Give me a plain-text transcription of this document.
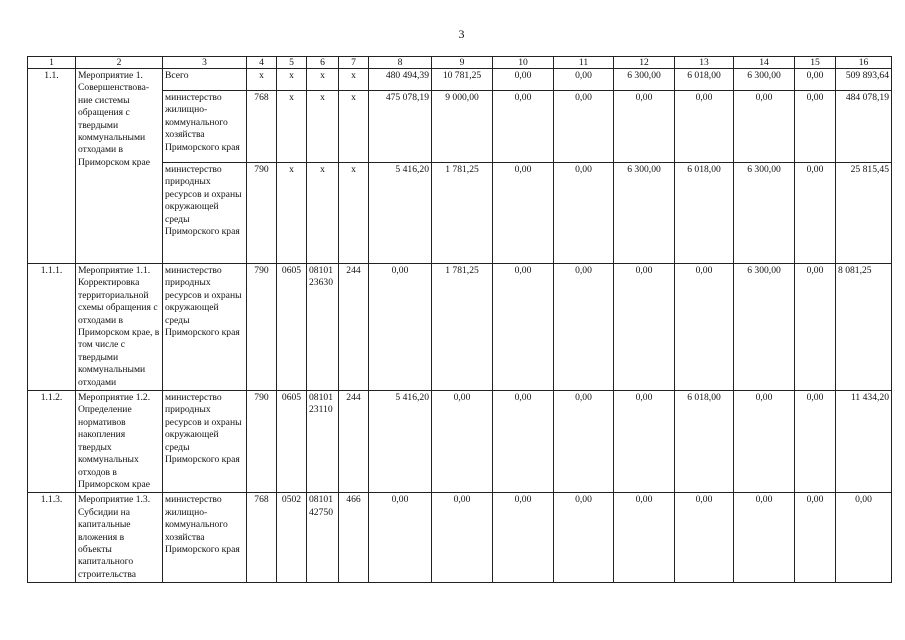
3
1	2	3	4	5	6	7	8	9	10	11	12	13	14	15	16
1.1.	Мероприятие 1. Совершенствова-ние системы обращения с твердыми коммунальными отходами в Приморском крае	Всего	x	x	x	x	480 494,39	10 781,25	0,00	0,00	6 300,00	6 018,00	6 300,00	0,00	509 893,64
		министерство жилищно-коммунального хозяйства Приморского края	768	x	x	x	475 078,19	9 000,00	0,00	0,00	0,00	0,00	0,00	0,00	484 078,19
		министерство природных ресурсов и охраны окружающей среды Приморского края	790	x	x	x	5 416,20	1 781,25	0,00	0,00	6 300,00	6 018,00	6 300,00	0,00	25 815,45
1.1.1.	Мероприятие 1.1. Корректировка территориальной схемы обращения с отходами в Приморском крае, в том числе с твердыми коммунальными отходами	министерство природных ресурсов и охраны окружающей среды Приморского края	790	0605	08101 23630	244	0,00	1 781,25	0,00	0,00	0,00	0,00	6 300,00	0,00	8 081,25
1.1.2.	Мероприятие 1.2. Определение нормативов накопления твердых коммунальных отходов в Приморском крае	министерство природных ресурсов и охраны окружающей среды Приморского края	790	0605	08101 23110	244	5 416,20	0,00	0,00	0,00	0,00	6 018,00	0,00	0,00	11 434,20
1.1.3.	Мероприятие 1.3. Субсидии на капитальные вложения в объекты капитального строительства	министерство жилищно-коммунального хозяйства Приморского края	768	0502	08101 42750	466	0,00	0,00	0,00	0,00	0,00	0,00	0,00	0,00	0,00
